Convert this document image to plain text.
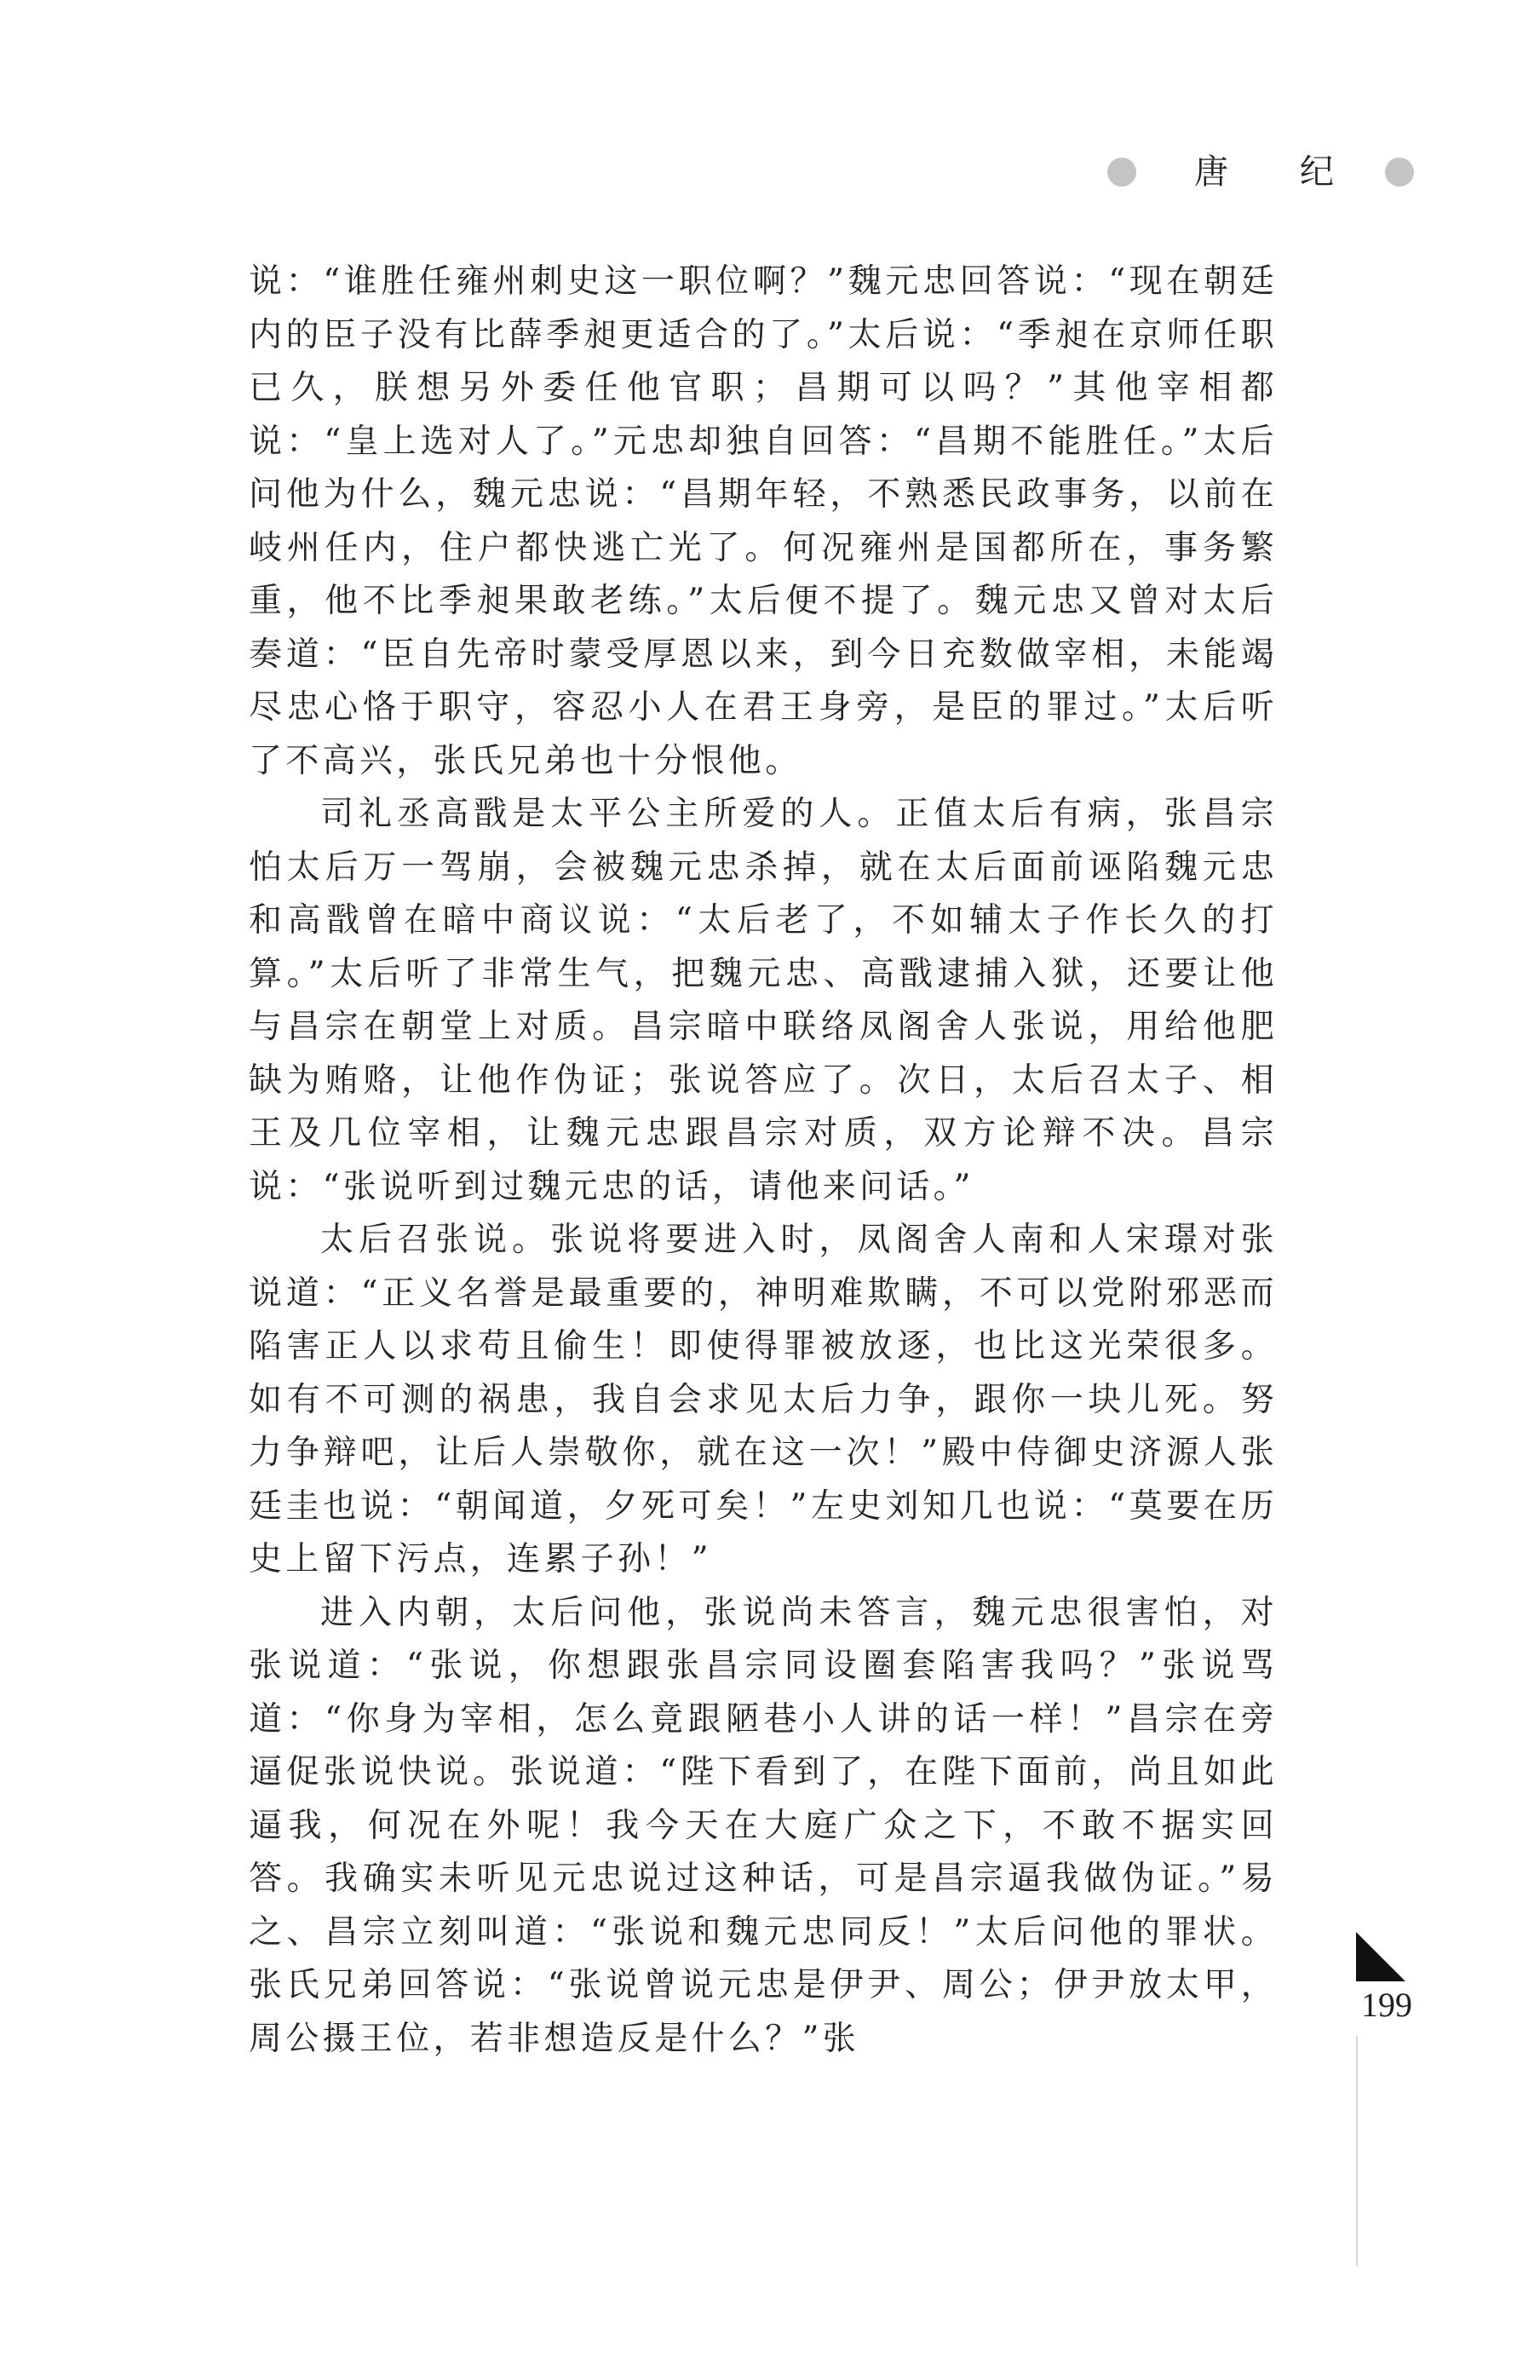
唐 纪

说：“谁胜任雍州刺史这一职位啊？”魏元忠回答说：“现在朝廷内的臣子没有比薛季昶更适合的了。”太后说：“季昶在京师任职已久，朕想另外委任他官职；昌期可以吗？”其他宰相都说：“皇上选对人了。”元忠却独自回答：“昌期不能胜任。”太后问他为什么，魏元忠说：“昌期年轻，不熟悉民政事务，以前在岐州任内，住户都快逃亡光了。何况雍州是国都所在，事务繁重，他不比季昶果敢老练。”太后便不提了。魏元忠又曾对太后奏道：“臣自先帝时蒙受厚恩以来，到今日充数做宰相，未能竭尽忠心恪于职守，容忍小人在君王身旁，是臣的罪过。”太后听了不高兴，张氏兄弟也十分恨他。

司礼丞高戬是太平公主所爱的人。正值太后有病，张昌宗怕太后万一驾崩，会被魏元忠杀掉，就在太后面前诬陷魏元忠和高戬曾在暗中商议说：“太后老了，不如辅太子作长久的打算。”太后听了非常生气，把魏元忠、高戬逮捕入狱，还要让他与昌宗在朝堂上对质。昌宗暗中联络凤阁舍人张说，用给他肥缺为贿赂，让他作伪证；张说答应了。次日，太后召太子、相王及几位宰相，让魏元忠跟昌宗对质，双方论辩不决。昌宗说：“张说听到过魏元忠的话，请他来问话。”

太后召张说。张说将要进入时，凤阁舍人南和人宋璟对张说道：“正义名誉是最重要的，神明难欺瞒，不可以党附邪恶而陷害正人以求苟且偷生！即使得罪被放逐，也比这光荣很多。如有不可测的祸患，我自会求见太后力争，跟你一块儿死。努力争辩吧，让后人崇敬你，就在这一次！”殿中侍御史济源人张廷圭也说：“朝闻道，夕死可矣！”左史刘知几也说：“莫要在历史上留下污点，连累子孙！”

进入内朝，太后问他，张说尚未答言，魏元忠很害怕，对张说道：“张说，你想跟张昌宗同设圈套陷害我吗？”张说骂道：“你身为宰相，怎么竟跟陋巷小人讲的话一样！”昌宗在旁逼促张说快说。张说道：“陛下看到了，在陛下面前，尚且如此逼我，何况在外呢！我今天在大庭广众之下，不敢不据实回答。我确实未听见元忠说过这种话，可是昌宗逼我做伪证。”易之、昌宗立刻叫道：“张说和魏元忠同反！”太后问他的罪状。张氏兄弟回答说：“张说曾说元忠是伊尹、周公；伊尹放太甲，周公摄王位，若非想造反是什么？”张

199
